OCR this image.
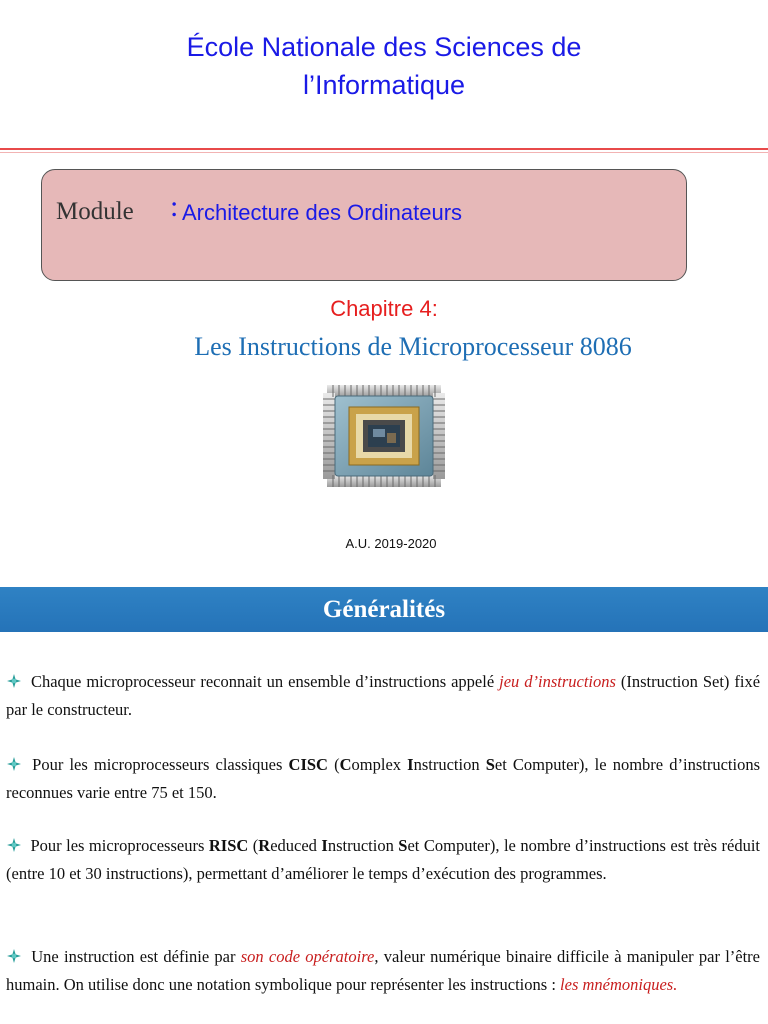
École Nationale des Sciences de
l’Informatique
Module : Architecture des Ordinateurs
Chapitre 4:
Les Instructions de Microprocesseur 8086
A.U. 2019-2020
Généralités
Chaque microprocesseur reconnait un ensemble d’instructions appelé jeu d’instructions (Instruction Set) fixé par le constructeur.
Pour les microprocesseurs classiques CISC (Complex Instruction Set Computer), le nombre d’instructions reconnues varie entre 75 et 150.
Pour les microprocesseurs RISC (Reduced Instruction Set Computer), le nombre d’instructions est très réduit (entre 10 et 30 instructions), permettant d’améliorer le temps d’exécution des programmes.
Une instruction est définie par son code opératoire, valeur numérique binaire difficile à manipuler par l’être humain. On utilise donc une notation symbolique pour représenter les instructions : les mnémoniques.
